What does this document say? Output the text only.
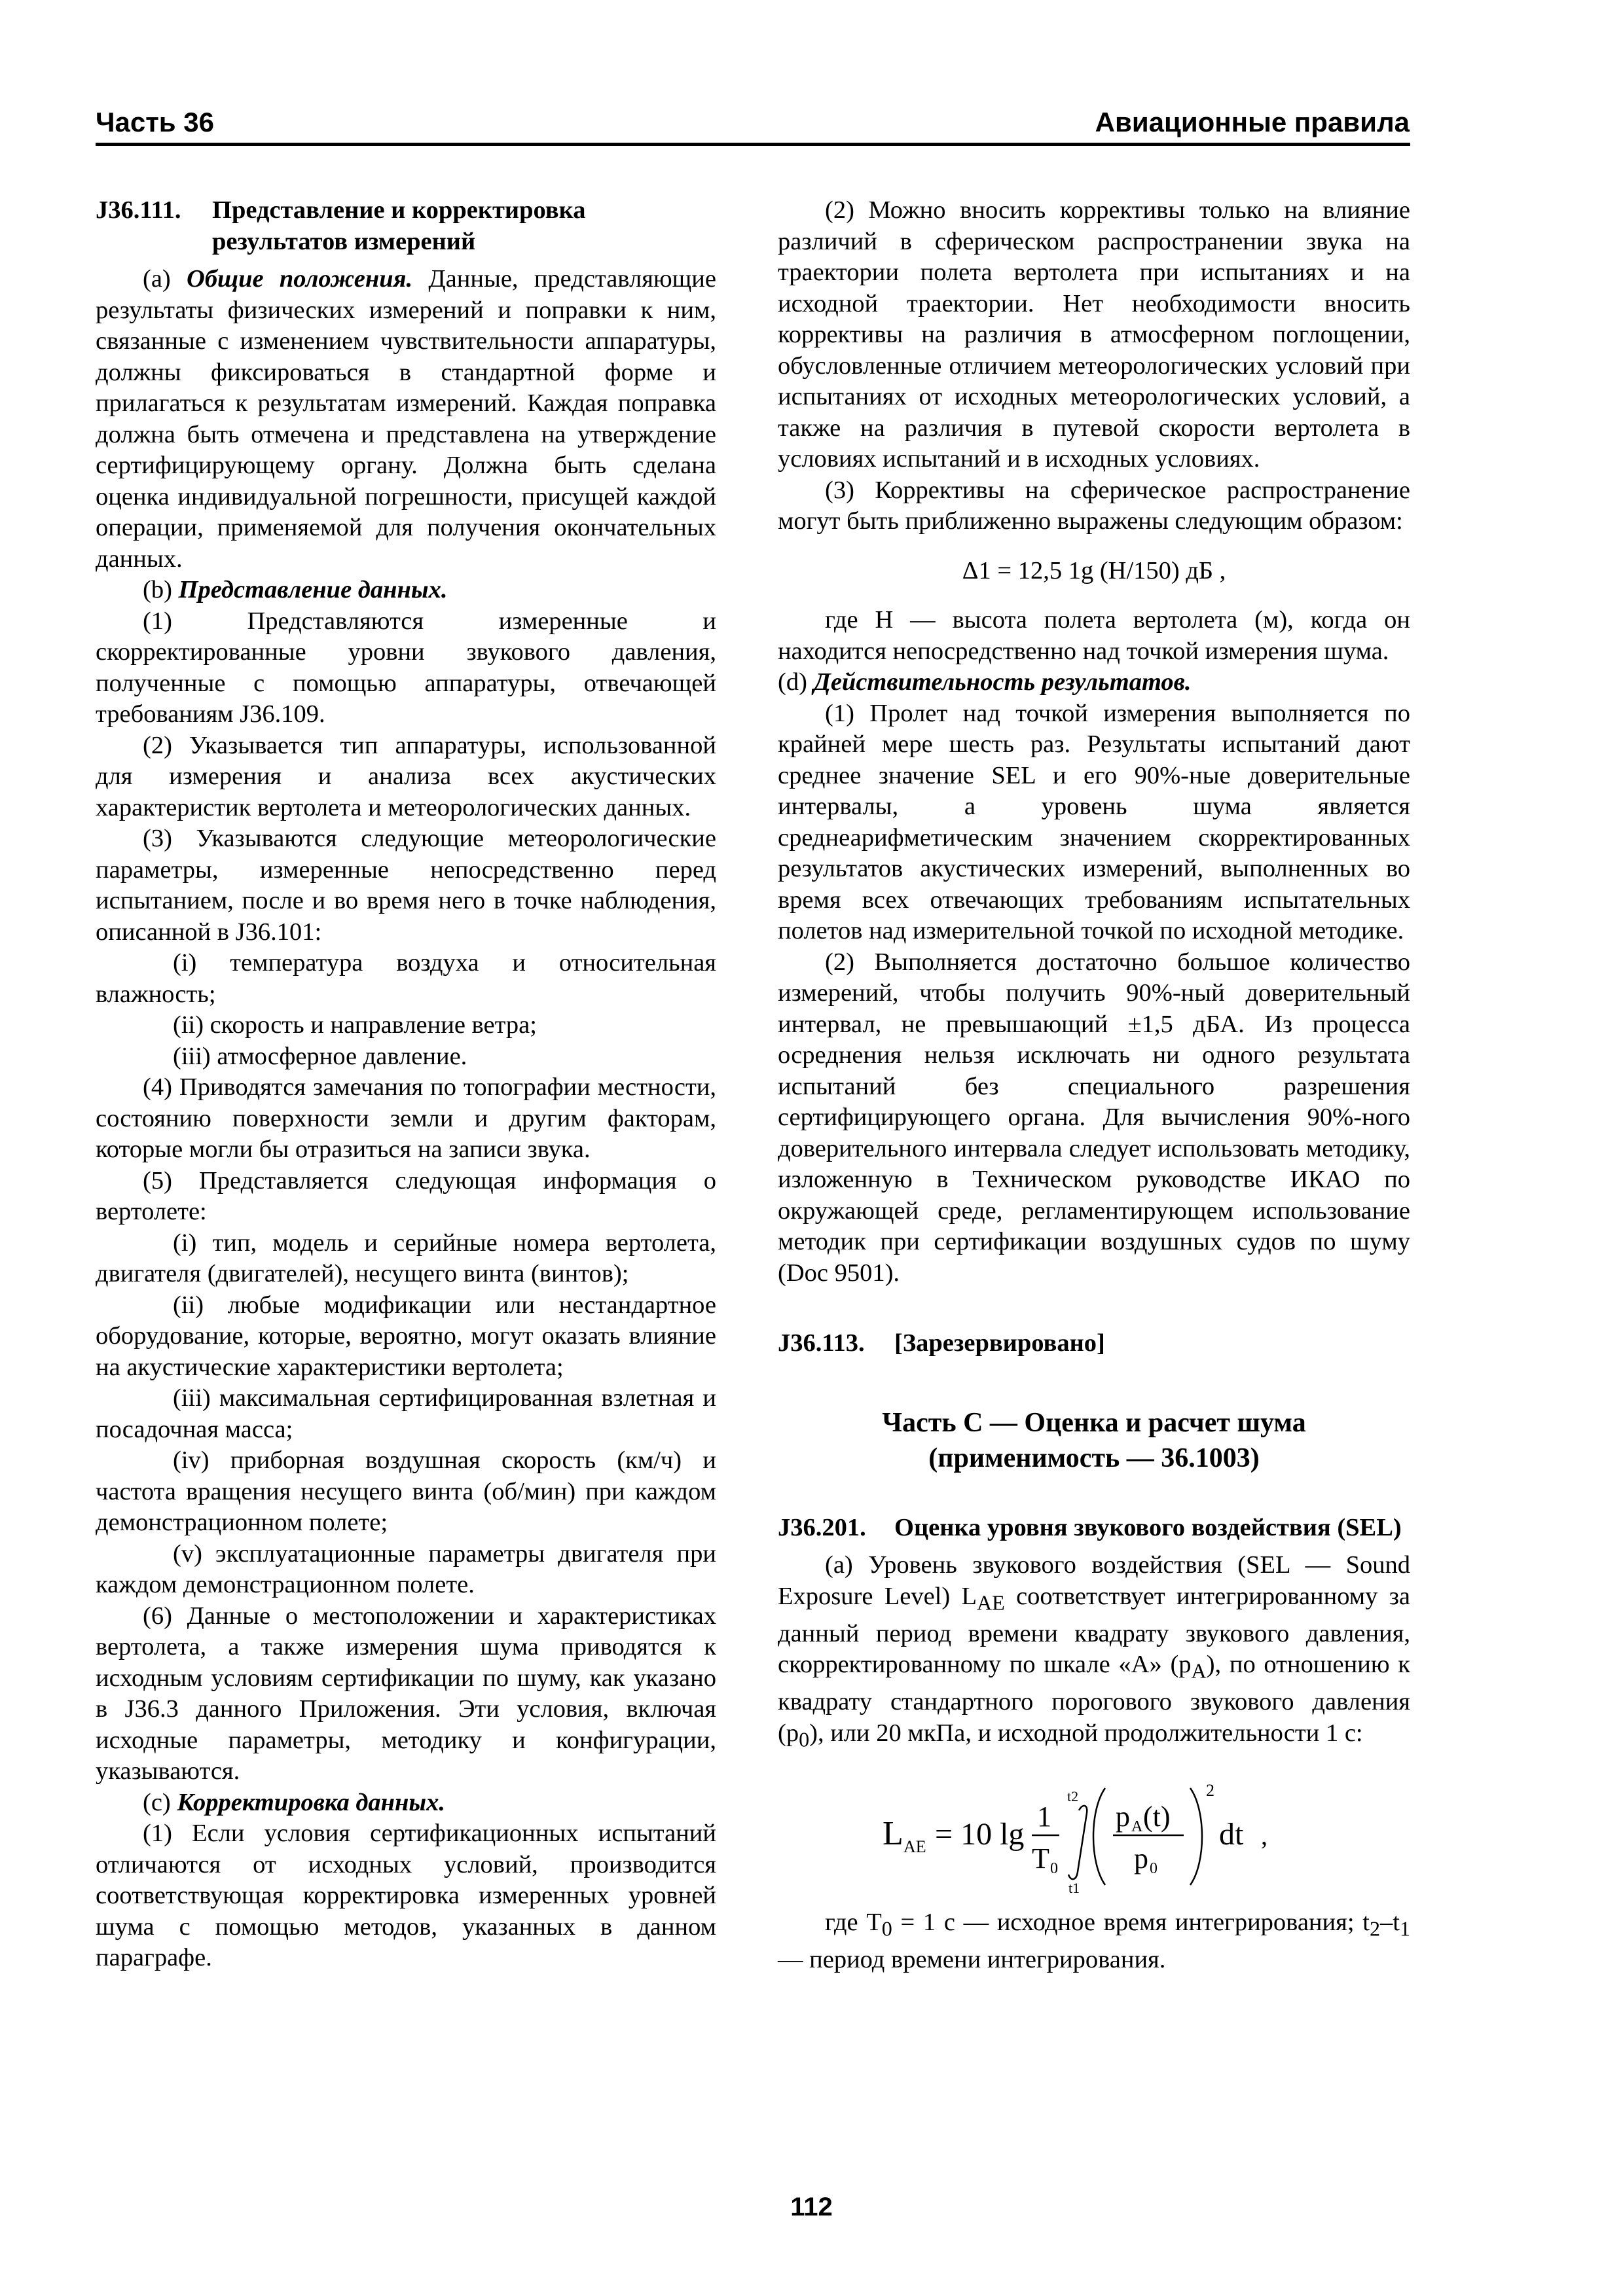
Часть 36	Авиационные правила
J36.111.	Представление и корректировка результатов измерений

(a) Общие положения. Данные, представляющие результаты физических измерений и поправки к ним, связанные с изменением чувствительности аппаратуры, должны фиксироваться в стандартной форме и прилагаться к результатам измерений. Каждая поправка должна быть отмечена и представлена на утверждение сертифицирующему органу. Должна быть сделана оценка индивидуальной погрешности, присущей каждой операции, применяемой для получения окончательных данных.

(b) Представление данных.

(1) Представляются измеренные и скорректированные уровни звукового давления, полученные с помощью аппаратуры, отвечающей требованиям J36.109.

(2) Указывается тип аппаратуры, использованной для измерения и анализа всех акустических характеристик вертолета и метеорологических данных.

(3) Указываются следующие метеорологические параметры, измеренные непосредственно перед испытанием, после и во время него в точке наблюдения, описанной в J36.101:

(i) температура воздуха и относительная влажность;

(ii) скорость и направление ветра;

(iii) атмосферное давление.

(4) Приводятся замечания по топографии местности, состоянию поверхности земли и другим факторам, которые могли бы отразиться на записи звука.

(5) Представляется следующая информация о вертолете:

(i) тип, модель и серийные номера вертолета, двигателя (двигателей), несущего винта (винтов);

(ii) любые модификации или нестандартное оборудование, которые, вероятно, могут оказать влияние на акустические характеристики вертолета;

(iii) максимальная сертифицированная взлетная и посадочная масса;

(iv) приборная воздушная скорость (км/ч) и частота вращения несущего винта (об/мин) при каждом демонстрационном полете;

(v) эксплуатационные параметры двигателя при каждом демонстрационном полете.

(6) Данные о местоположении и характеристиках вертолета, а также измерения шума приводятся к исходным условиям сертификации по шуму, как указано в J36.3 данного Приложения. Эти условия, включая исходные параметры, методику и конфигурации, указываются.

(c) Корректировка данных.

(1) Если условия сертификационных испытаний отличаются от исходных условий, производится соответствующая корректировка измеренных уровней шума с помощью методов, указанных в данном параграфе.

(2) Можно вносить коррективы только на влияние различий в сферическом распространении звука на траектории полета вертолета при испытаниях и на исходной траектории. Нет необходимости вносить коррективы на различия в атмосферном поглощении, обусловленные отличием метеорологических условий при испытаниях от исходных метеорологических условий, а также на различия в путевой скорости вертолета в условиях испытаний и в исходных условиях.

(3) Коррективы на сферическое распространение могут быть приближенно выражены следующим образом:

Δ1 = 12,5 1g (H/150) дБ ,

где H — высота полета вертолета (м), когда он находится непосредственно над точкой измерения шума.

(d) Действительность результатов.

(1) Пролет над точкой измерения выполняется по крайней мере шесть раз. Результаты испытаний дают среднее значение SEL и его 90%-ные доверительные интервалы, а уровень шума является среднеарифметическим значением скорректированных результатов акустических измерений, выполненных во время всех отвечающих требованиям испытательных полетов над измерительной точкой по исходной методике.

(2) Выполняется достаточно большое количество измерений, чтобы получить 90%-ный доверительный интервал, не превышающий ±1,5 дБА. Из процесса осреднения нельзя исключать ни одного результата испытаний без специального разрешения сертифицирующего органа. Для вычисления 90%-ного доверительного интервала следует использовать методику, изложенную в Техническом руководстве ИКАО по окружающей среде, регламентирующем использование методик при сертификации воздушных судов по шуму (Doc 9501).

J36.113.	[Зарезервировано]
Часть С — Оценка и расчет шума
(применимость — 36.1003)
J36.201.	Оценка уровня звукового воздействия (SEL)

(a) Уровень звукового воздействия (SEL — Sound Exposure Level) $L_{AE}$ соответствует интегрированному за данный период времени квадрату звукового давления, скорректированному по шкале «A» $(p_A)$, по отношению к квадрату стандартного порогового звукового давления $(p_0)$, или 20 мкПа, и исходной продолжительности 1 с:

L AE = 10 lg
1
T 0
t2
t1
p A (t)
p 0
2
dt ,

где $T_0 = 1$ с — исходное время интегрирования; $t_2-t_1$ — период времени интегрирования.

112
